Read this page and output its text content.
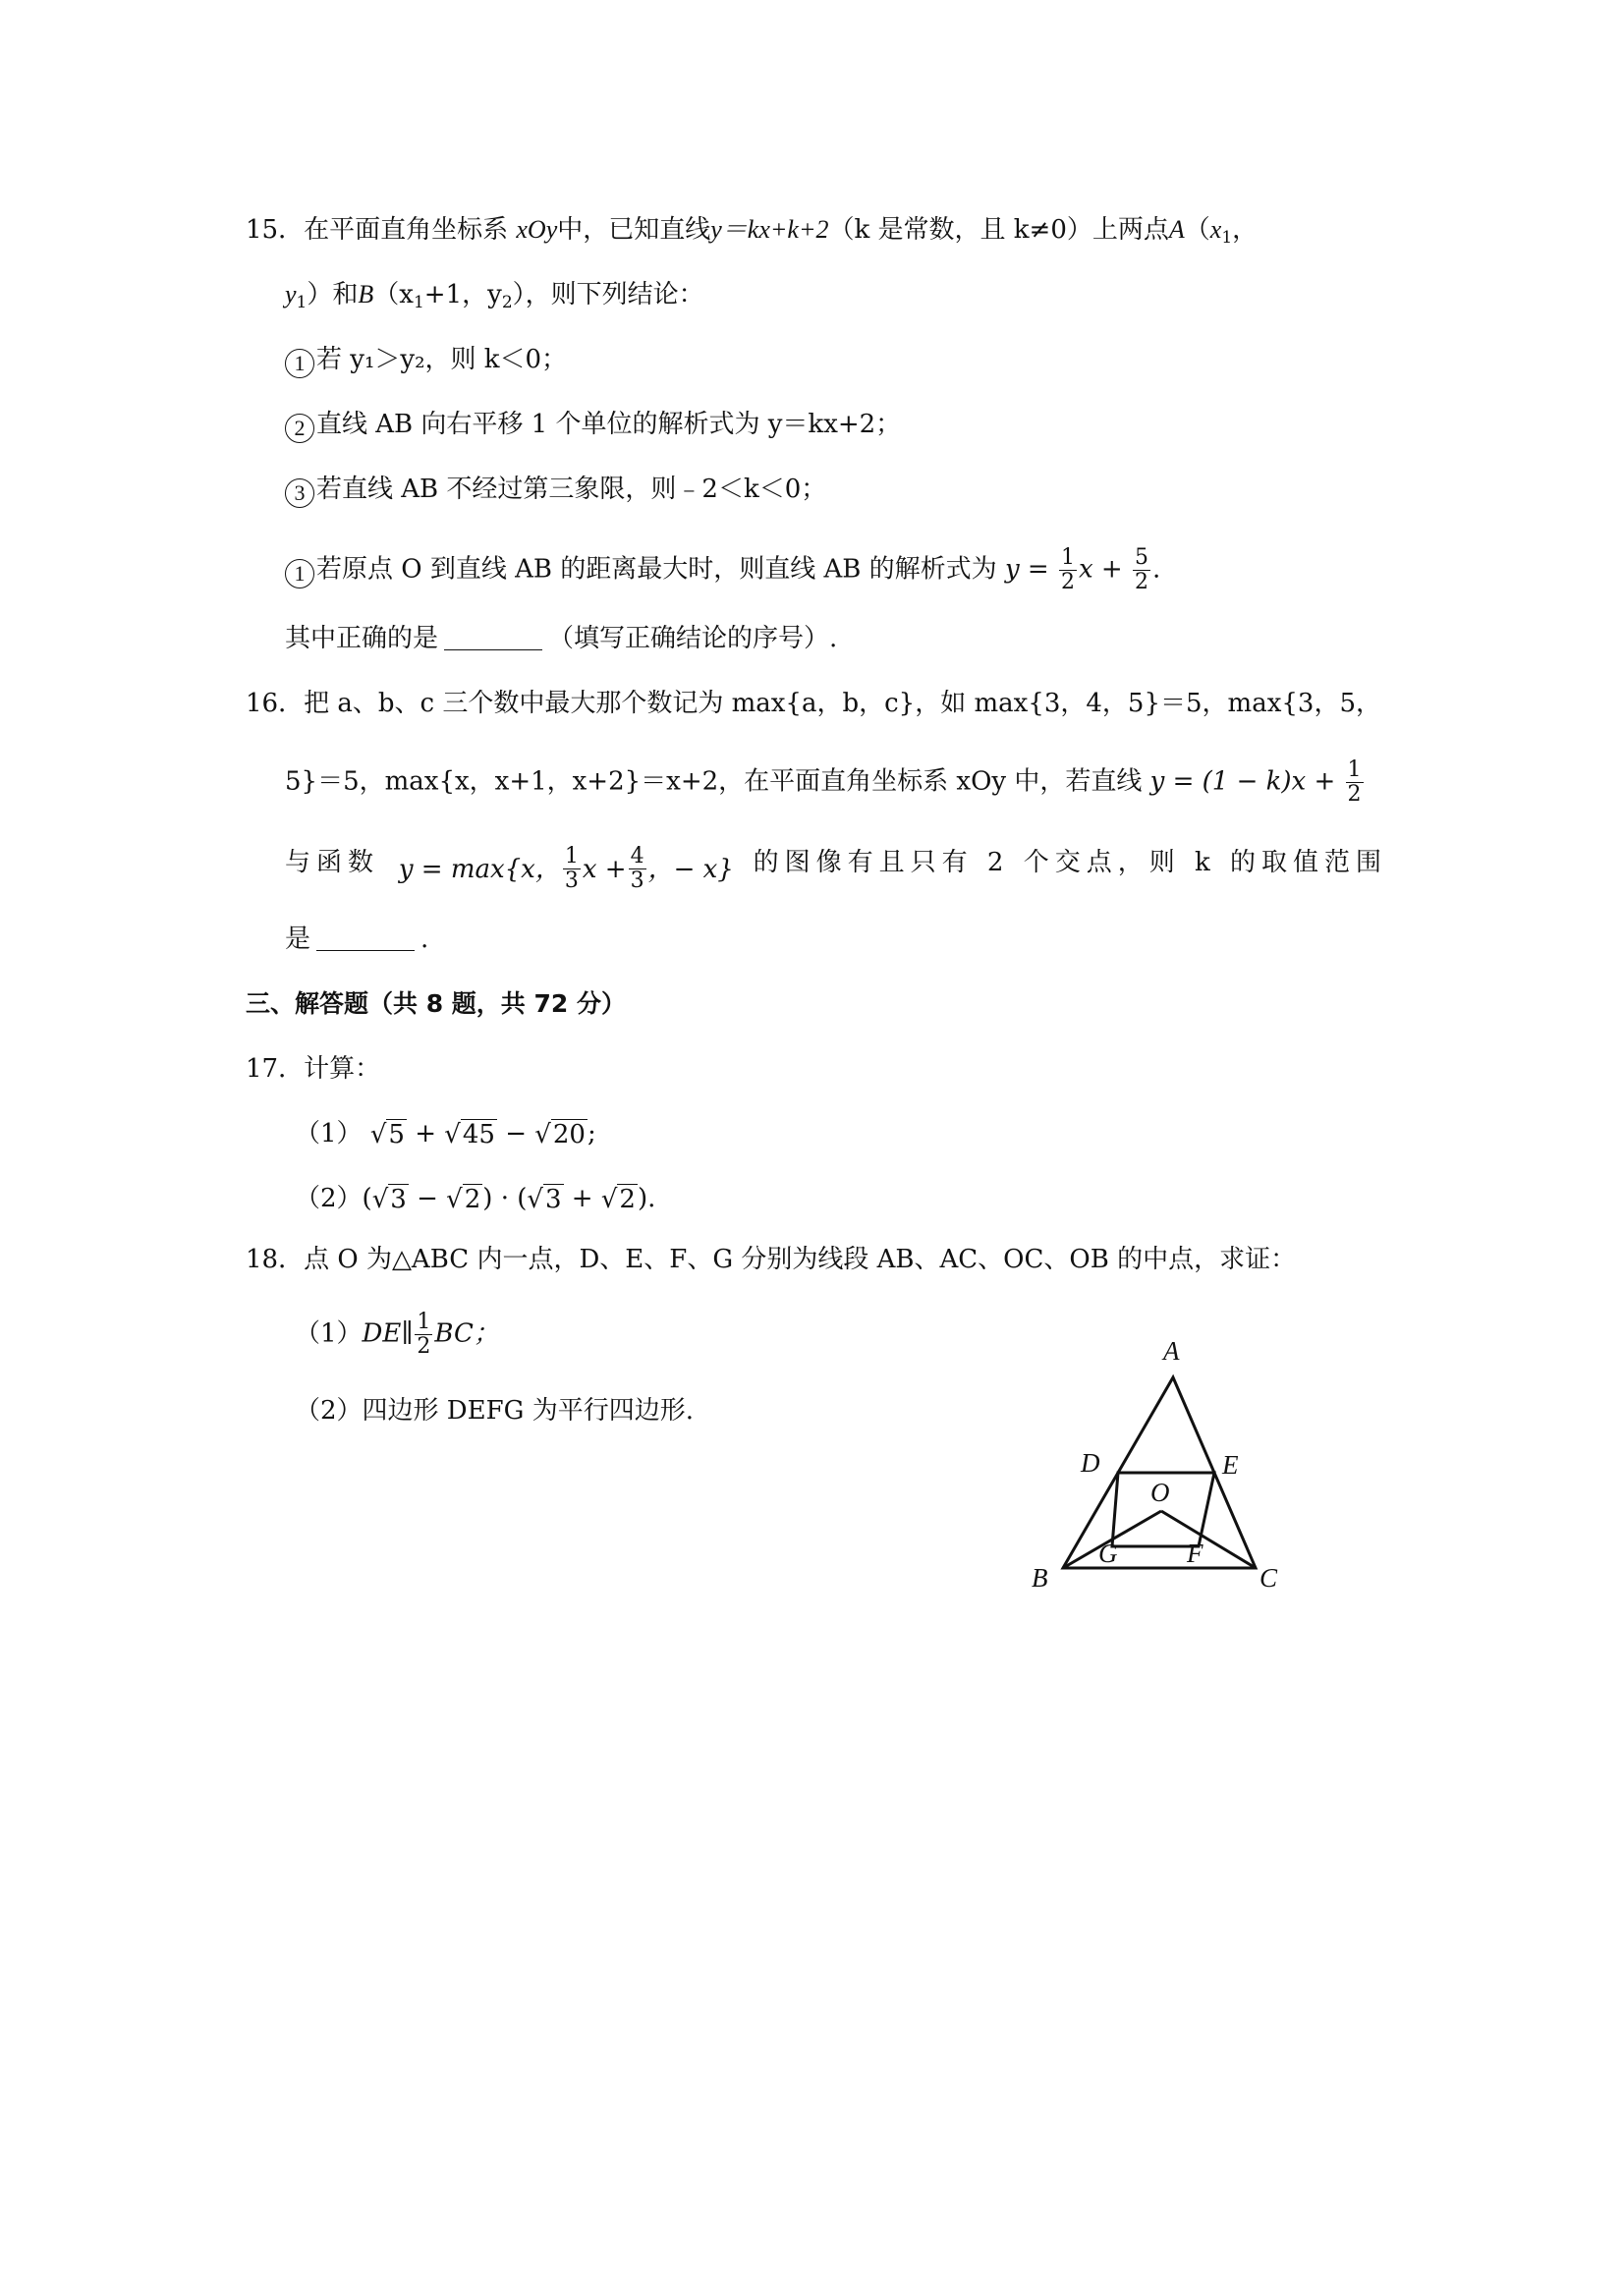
15．在平面直角坐标系 xOy中，已知直线y＝kx+k+2（k 是常数，且 k≠0）上两点$A(x_1$，
$y_1$）和$B(x_1+1$，$y_2$），则下列结论：
1 若 y₁＞y₂，则 k＜0；
2 直线 AB 向右平移 1 个单位的解析式为 y＝kx+2；
3 若直线 AB 不经过第三象限，则﹣2＜k＜0；
1 若原点 O 到直线 AB 的距离最大时，则直线 AB 的解析式为 $y = \frac{1}{2}$ $x + \frac{5}{2}$ .
其中正确的是	（填写正确结论的序号）.
16．把 a、b、c 三个数中最大那个数记为 max{a，b，c}，如 max{3，4，5}＝5，max{3，5，
5}＝5，max{x，x+1，x+2}＝x+2，在平面直角坐标系 xOy 中，若直线 $y = (1 - k)x + \frac{1}{2}$
与函数 y = max{x， $\frac{1}{3}$ $x + \frac{4}{3}$ ，− x} 的图像有且只有 2 个交点，则 k 的取值范围
是	.
三、解答题（共 8 题，共 72 分）
17．计算：
（1） √5 + √45 − √20;
（2）(√3 − √2) · (√3 + √2).
18．点 O 为△ABC 内一点，D、E、F、G 分别为线段 AB、AC、OC、OB 的中点，求证：
（1）DE∥ $\frac{1}{2}$ BC；
（2）四边形 DEFG 为平行四边形.
A
B	C
D	E
O
G	F
